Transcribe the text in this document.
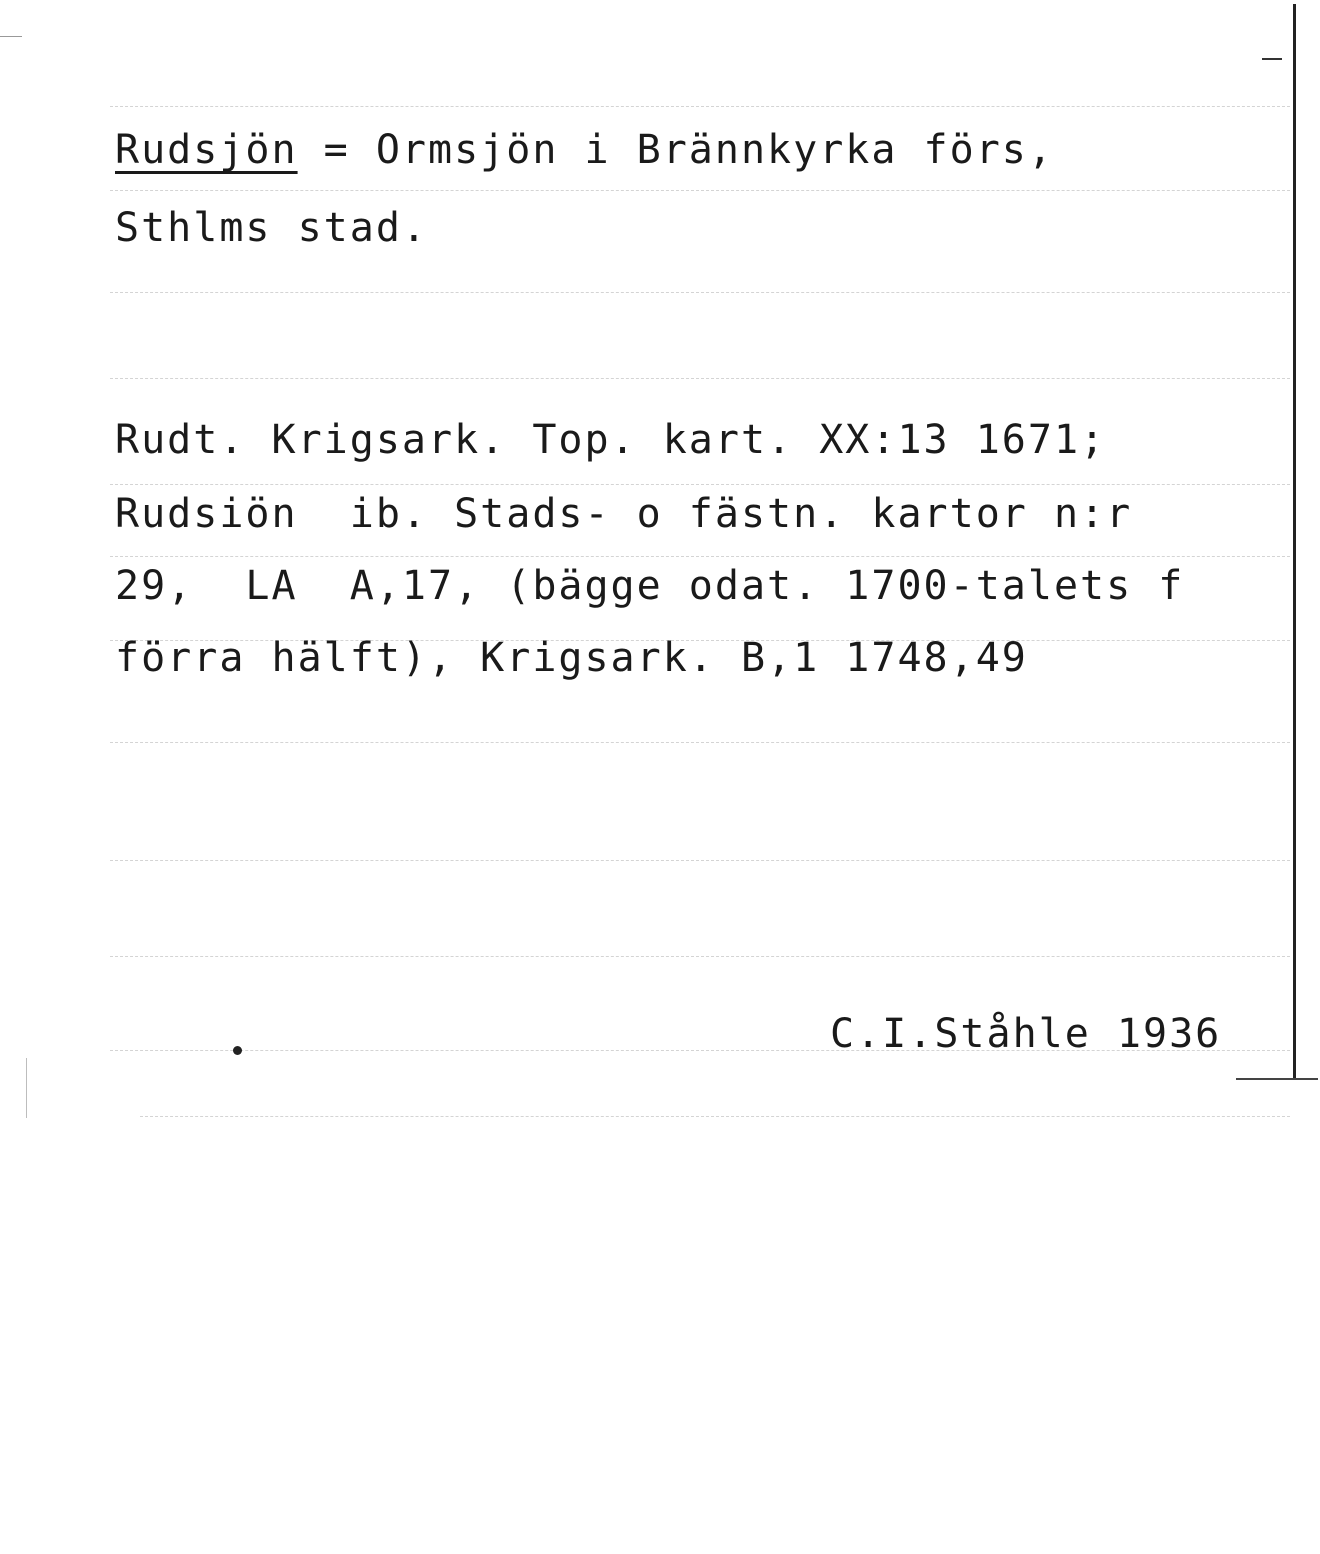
Rudsjön = Ormsjön i Brännkyrka förs,
Sthlms stad.
Rudt. Krigsark. Top. kart. XX:13 1671;
Rudsiön  ib. Stads- o fästn. kartor n:r
29,  LA  A,17, (bägge odat. 1700-talets f
förra hälft), Krigsark. B,1 1748,49
C.I.Ståhle 1936
